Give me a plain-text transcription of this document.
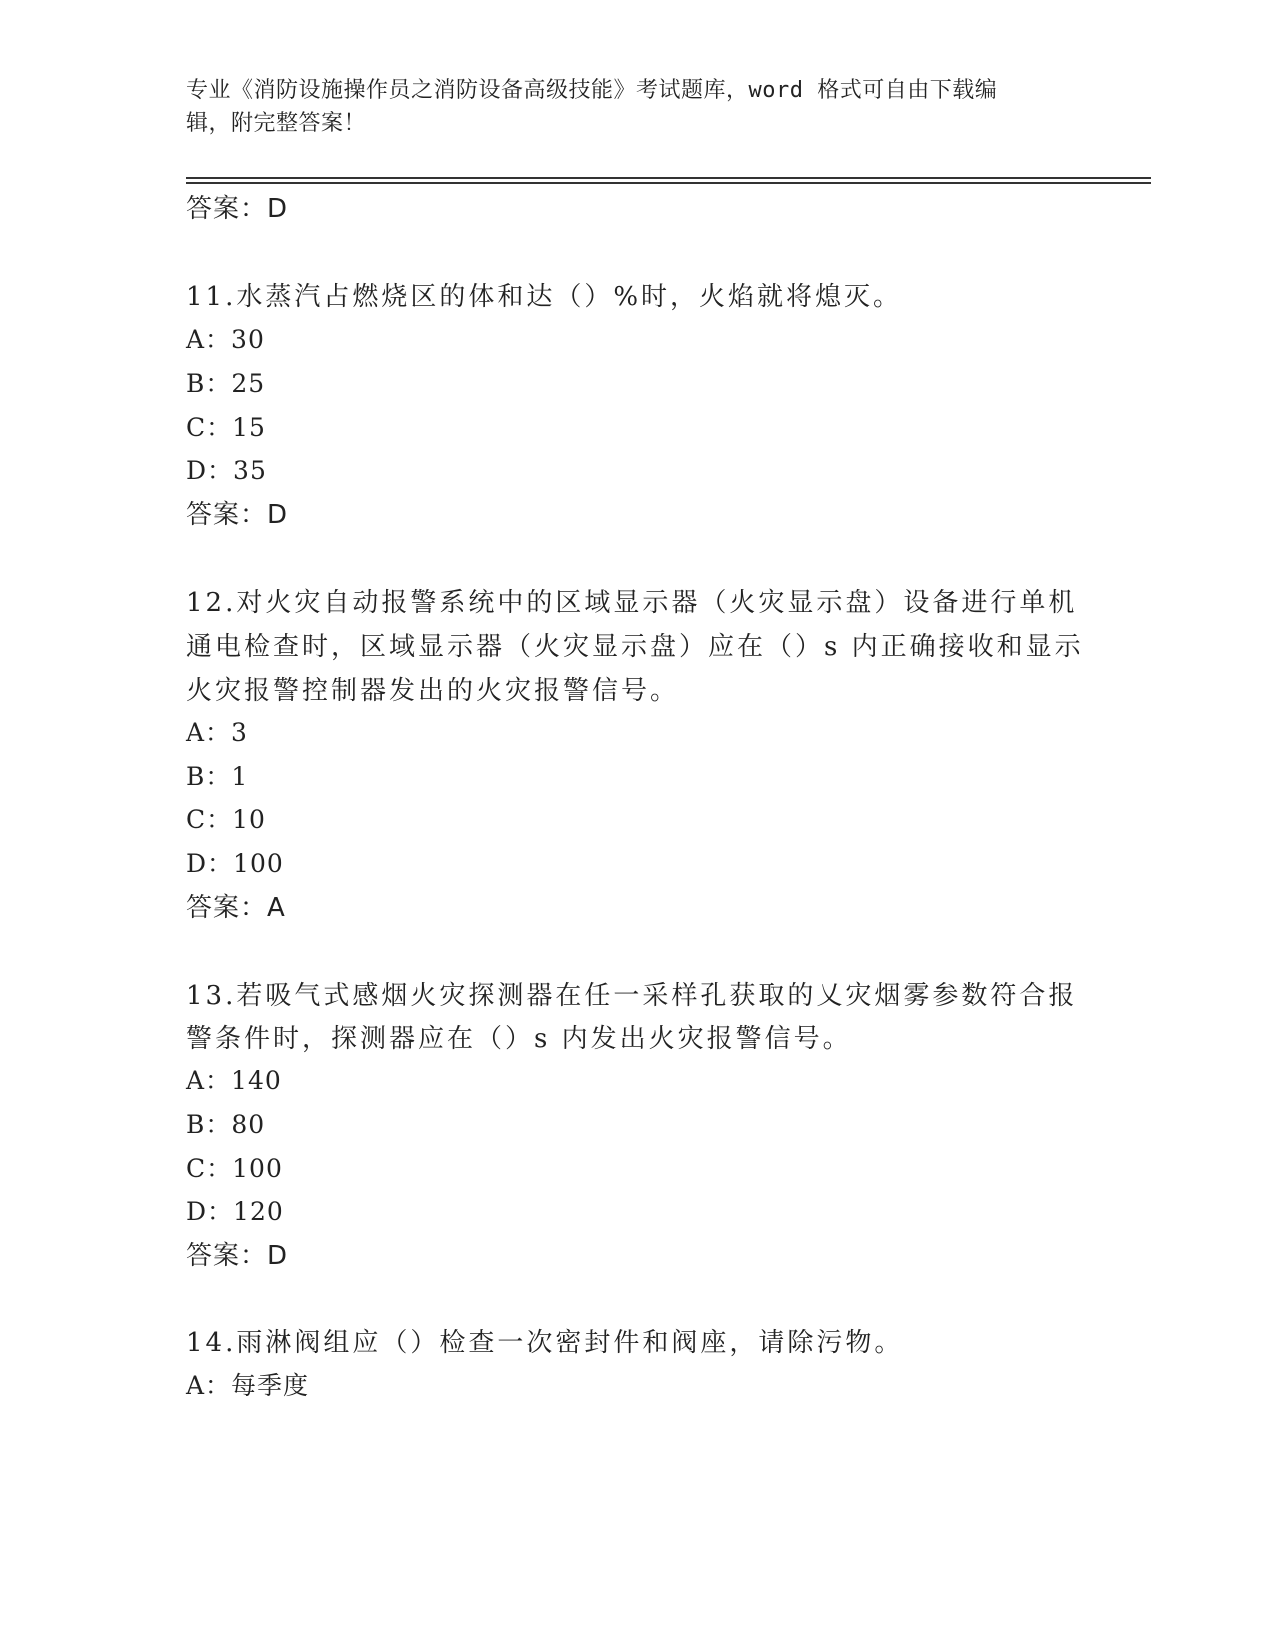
专业《消防设施操作员之消防设备高级技能》考试题库，word 格式可自由下载编
辑，附完整答案！
答案：D
11.水蒸汽占燃烧区的体和达（）%时，火焰就将熄灭。
A：30
B：25
C：15
D：35
答案：D
12.对火灾自动报警系统中的区域显示器（火灾显示盘）设备进行单机
通电检查时，区域显示器（火灾显示盘）应在（）s 内正确接收和显示
火灾报警控制器发出的火灾报警信号。
A：3
B：1
C：10
D：100
答案：A
13.若吸气式感烟火灾探测器在任一采样孔获取的乂灾烟雾参数符合报
警条件时，探测器应在（）s 内发出火灾报警信号。
A：140
B：80
C：100
D：120
答案：D
14.雨淋阀组应（）检查一次密封件和阀座，请除污物。
A：每季度
